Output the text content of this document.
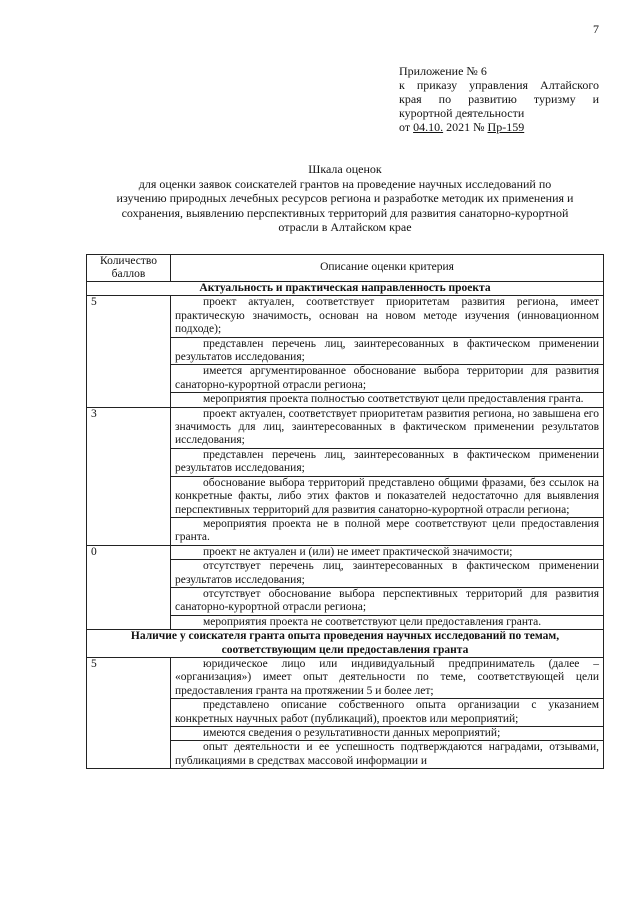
7
Приложение № 6
к приказу управления Алтайского
края по развитию туризму и
курортной деятельности
от 04.10. 2021 № Пр-159
Шкала оценок
для оценки заявок соискателей грантов на проведение научных исследований по
изучению природных лечебных ресурсов региона и разработке методик их применения и
сохранения, выявлению перспективных территорий для развития санаторно-курортной
отрасли в Алтайском крае
Количество баллов	Описание оценки критерия
Актуальность и практическая направленность проекта	
5	проект актуален, соответствует приоритетам развития региона, имеет практическую значимость, основан на новом методе изучения (инновационном подходе);
представлен перечень лиц, заинтересованных в фактическом применении результатов исследования;
имеется аргументированное обоснование выбора территории для развития санаторно-курортной отрасли региона;
мероприятия проекта полностью соответствуют цели предоставления гранта.

3	проект актуален, соответствует приоритетам развития региона, но завышена его значимость для лиц, заинтересованных в фактическом применении результатов исследования;
представлен перечень лиц, заинтересованных в фактическом применении результатов исследования;
обоснование выбора территорий представлено общими фразами, без ссылок на конкретные факты, либо этих фактов и показателей недостаточно для выявления перспективных территорий для развития санаторно-курортной отрасли региона;
мероприятия проекта не в полной мере соответствуют цели предоставления гранта.

0	проект не актуален и (или) не имеет практической значимости;
отсутствует перечень лиц, заинтересованных в фактическом применении результатов исследования;
отсутствует обоснование выбора перспективных территорий для развития санаторно-курортной отрасли региона;
мероприятия проекта не соответствуют цели предоставления гранта.

Наличие у соискателя гранта опыта проведения научных исследований по темам, соответствующим цели предоставления гранта	
5	юридическое лицо или индивидуальный предприниматель (далее – «организация») имеет опыт деятельности по теме, соответствующей цели предоставления гранта на протяжении 5 и более лет;
представлено описание собственного опыта организации с указанием конкретных научных работ (публикаций), проектов или мероприятий;
имеются сведения о результативности данных мероприятий;
опыт деятельности и ее успешность подтверждаются наградами, отзывами, публикациями в средствах массовой информации и
